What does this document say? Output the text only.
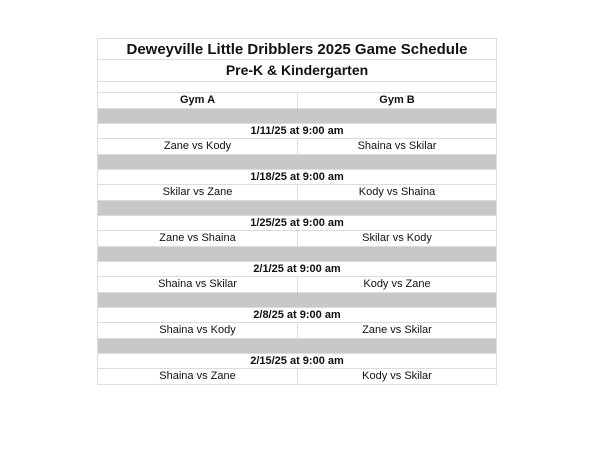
Deweyville Little Dribblers 2025 Game Schedule
Pre-K & Kindergarten
Gym A	Gym B
1/11/25 at 9:00 am
Zane vs Kody	Shaina vs Skilar
1/18/25 at 9:00 am
Skilar vs Zane	Kody vs Shaina
1/25/25 at 9:00 am
Zane vs Shaina	Skilar vs Kody
2/1/25 at 9:00 am
Shaina vs Skilar	Kody vs Zane
2/8/25 at 9:00 am
Shaina vs Kody	Zane vs Skilar
2/15/25 at 9:00 am
Shaina vs Zane	Kody vs Skilar
